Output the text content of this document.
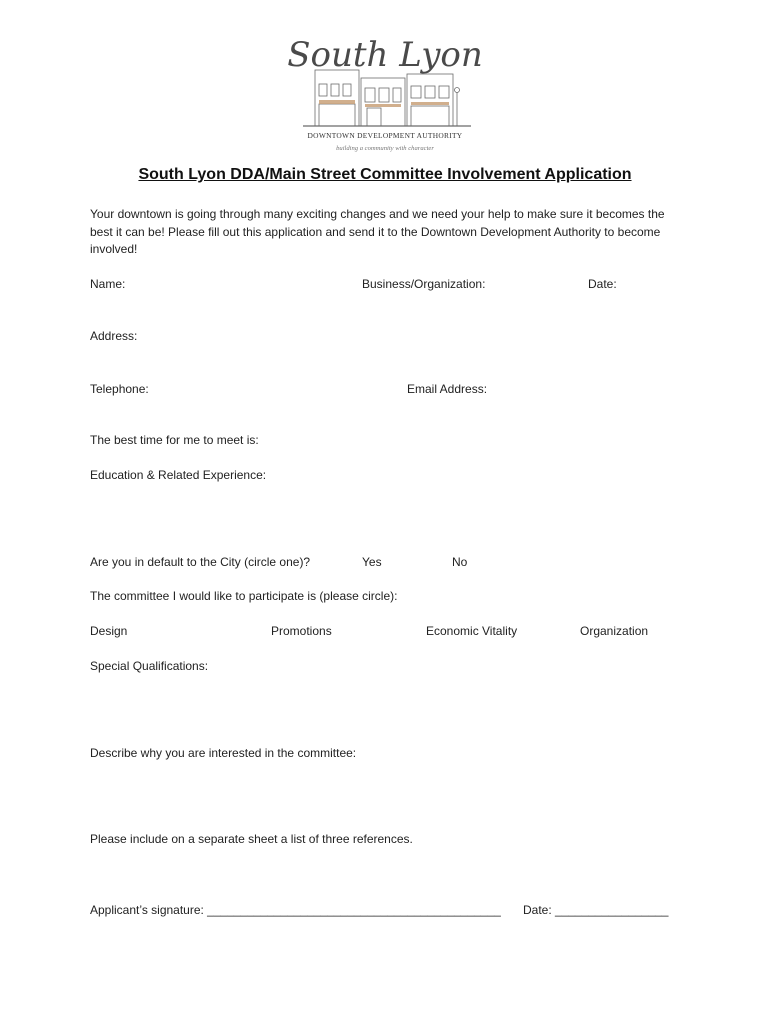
South Lyon
DOWNTOWN DEVELOPMENT AUTHORITY
building a community with character
South Lyon DDA/Main Street Committee Involvement Application
Your downtown is going through many exciting changes and we need your help to make sure it becomes the best it can be! Please fill out this application and send it to the Downtown Development Authority to become involved!
Name:	Business/Organization:	Date:
Address:
Telephone:	Email Address:
The best time for me to meet is:
Education & Related Experience:
Are you in default to the City (circle one)?	Yes	No
The committee I would like to participate is (please circle):
Design	Promotions	Economic Vitality	Organization
Special Qualifications:
Describe why you are interested in the committee:
Please include on a separate sheet a list of three references.
Applicant’s signature: ____________________________________________ Date: _________________
